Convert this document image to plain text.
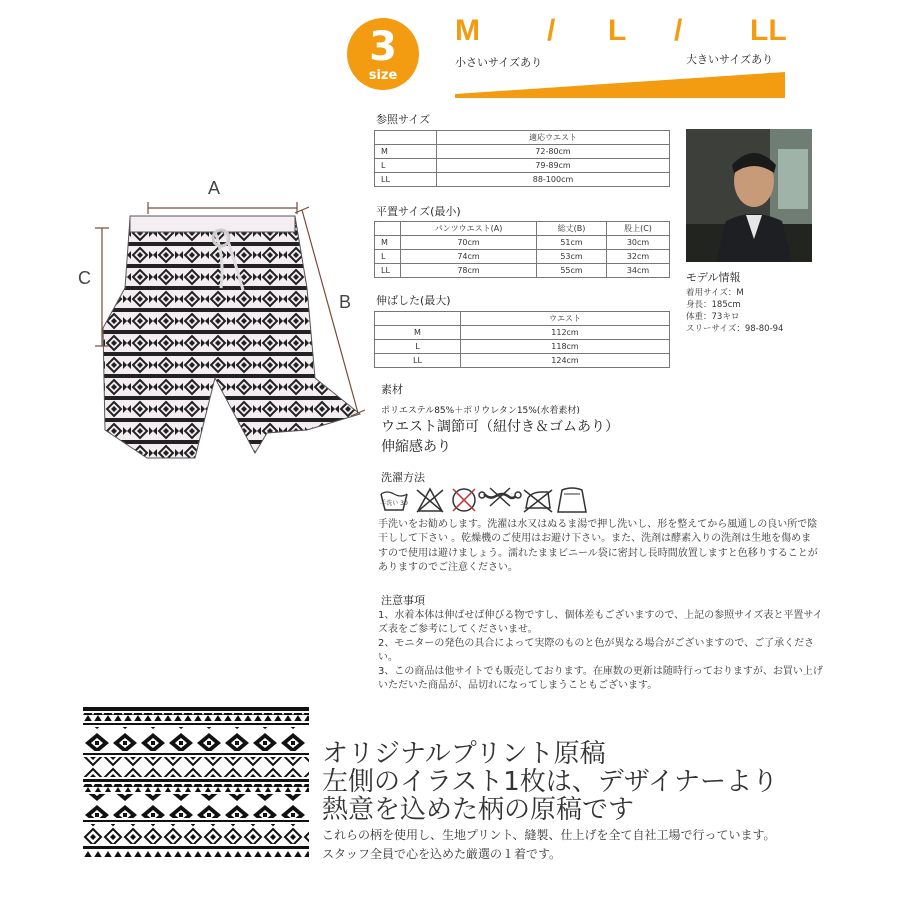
3
size
M / L / LL
小さいサイズあり	大きいサイズあり
参照サイズ
	適応ウエスト
M	72-80cm
L	79-89cm
LL	88-100cm
平置サイズ(最小)
	パンツウエスト(A)	総丈(B)	股上(C)
M	70cm	51cm	30cm
L	74cm	53cm	32cm
LL	78cm	55cm	34cm
伸ばした(最大)
	ウエスト
M	112cm
L	118cm
LL	124cm
モデル情報
着用サイズ：M
身長：185cm
体重：73キロ
スリーサイズ：98-80-94
A
B
C
素材
ポリエステル85%＋ポリウレタン15%(水着素材)
ウエスト調節可（紐付き＆ゴムあり）
伸縮感あり
洗濯方法
手洗い 30
手洗いをお勧めします。洗濯は水又はぬるま湯で押し洗いし、形を整えてから風通しの良い所で陰干しして下さい 。乾燥機のご使用はお避け下さい。また、洗剤は酵素入りの洗剤は生地を傷めますので使用は避けましょう。濡れたままビニール袋に密封し長時間放置しますと色移りすることがありますのでご注意ください。
注意事項

1、水着本体は伸ばせば伸びる物ですし、個体差もございますので、上記の参照サイズ表と平置サイズ表をご参考にしてくださいませ。

2、モニターの発色の具合によって実際のものと色が異なる場合がございますので、ご了承ください。

3、この商品は他サイトでも販売しております。在庫数の更新は随時行っておりますが、お買い上げいただいた商品が、品切れになってしまうこともございます。

オリジナルプリント原稿
左側のイラスト1枚は、デザイナーより
熱意を込めた柄の原稿です
これらの柄を使用し、生地プリント、縫製、仕上げを全て自社工場で行っています。
スタッフ全員で心を込めた厳選の１着です。
